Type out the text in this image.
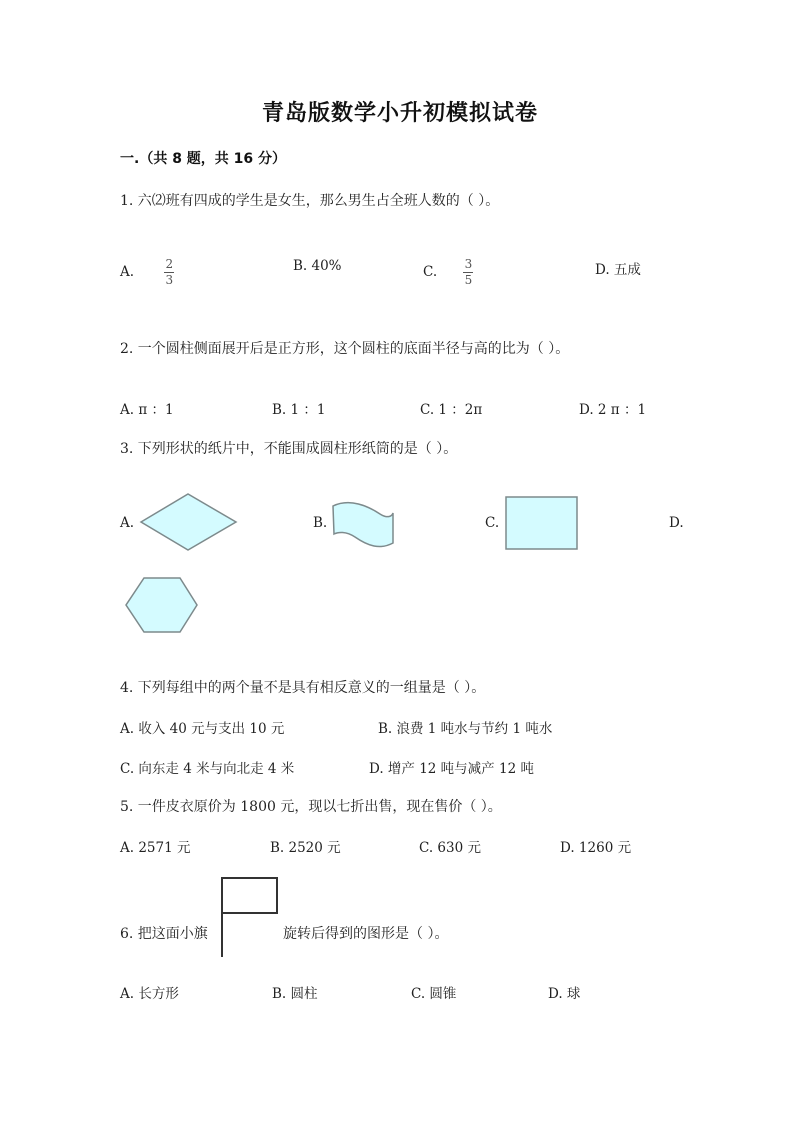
青岛版数学小升初模拟试卷
一.（共 8 题，共 16 分）
1. 六⑵班有四成的学生是女生，那么男生占全班人数的（ ）。
A.	$\frac{2}{3}$	B. 40%	C. $\frac{3}{5}$	D. 五成
2. 一个圆柱侧面展开后是正方形，这个圆柱的底面半径与高的比为（ ）。
A. π ：1	B. 1 ：1	C. 1 ：2π	D. 2 π ：1
3. 下列形状的纸片中，不能围成圆柱形纸筒的是（ ）。
A.	B.	C.	D.
4. 下列每组中的两个量不是具有相反意义的一组量是（ ）。
A. 收入 40 元与支出 10 元	B. 浪费 1 吨水与节约 1 吨水
C. 向东走 4 米与向北走 4 米	D. 增产 12 吨与减产 12 吨
5. 一件皮衣原价为 1800 元，现以七折出售，现在售价（ ）。
A. 2571 元	B. 2520 元	C. 630 元	D. 1260 元
6. 把这面小旗	旋转后得到的图形是（ ）。
A. 长方形	B. 圆柱	C. 圆锥	D. 球
